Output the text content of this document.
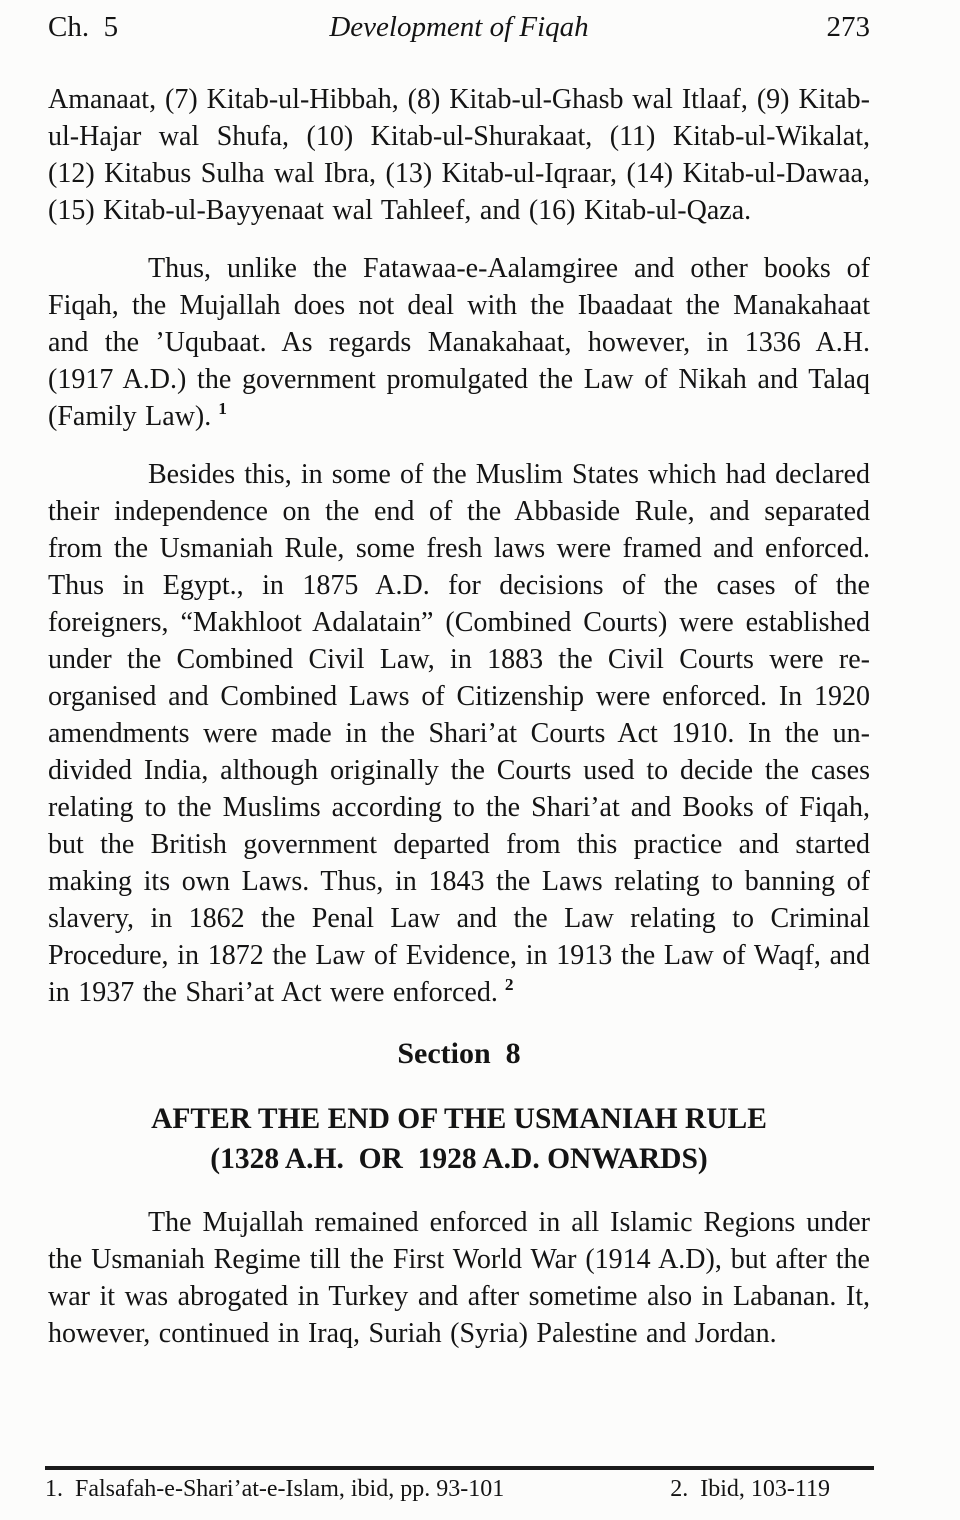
Ch.  5	Development of Fiqah	273

Amanaat, (7) Kitab-ul-Hibbah, (8) Kitab-ul-Ghasb wal Itlaaf, (9) Kitab-ul-Hajar wal Shufa, (10) Kitab-ul-Shurakaat, (11) Kitab-ul-Wikalat, (12) Kitabus Sulha wal Ibra, (13) Kitab-ul-Iqraar, (14) Kitab-ul-Dawaa, (15) Kitab-ul-Bayyenaat wal Tahleef, and (16) Kitab-ul-Qaza.

Thus, unlike the Fatawaa-e-Aalamgiree and other books of Fiqah, the Mujallah does not deal with the Ibaadaat the Manakahaat and the ’Uqubaat. As regards Manakahaat, however, in 1336 A.H. (1917 A.D.) the government promulgated the Law of Nikah and Talaq (Family Law). $^1$

Besides this, in some of the Muslim States which had declared their independence on the end of the Abbaside Rule, and separated from the Usmaniah Rule, some fresh laws were framed and enforced. Thus in Egypt., in 1875 A.D. for decisions of the cases of the foreigners, “Makhloot Adalatain” (Combined Courts) were established under the Combined Civil Law, in 1883 the Civil Courts were re-organised and Combined Laws of Citizenship were enforced. In 1920 amendments were made in the Shari’at Courts Act 1910. In the un-divided India, although originally the Courts used to decide the cases relating to the Muslims according to the Shari’at and Books of Fiqah, but the British government departed from this practice and started making its own Laws. Thus, in 1843 the Laws relating to banning of slavery, in 1862 the Penal Law and the Law relating to Criminal Procedure, in 1872 the Law of Evidence, in 1913 the Law of Waqf, and in 1937 the Shari’at Act were enforced. $^2$

Section  8
AFTER THE END OF THE USMANIAH RULE
(1328 A.H.  OR  1928 A.D. ONWARDS)

The Mujallah remained enforced in all Islamic Regions under the Usmaniah Regime till the First World War (1914 A.D), but after the war it was abrogated in Turkey and after sometime also in Labanan. It, however, continued in Iraq, Suriah (Syria) Palestine and Jordan.

1.  Falsafah-e-Shari’at-e-Islam, ibid, pp. 93-101	2.  Ibid, 103-119
